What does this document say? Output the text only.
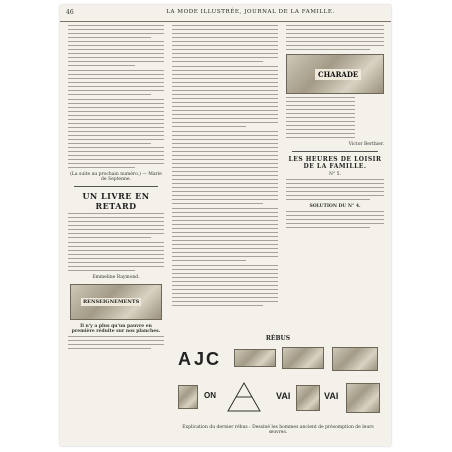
46	LA MODE ILLUSTRÉE, JOURNAL DE LA FAMILLE.
(La suite au prochain numéro.) — Marie de Septenne.
UN LIVRE EN RETARD
Emmeline Raymond.
RENSEIGNEMENTS
Il n'y a plus qu'un pauvre en première réduite sur nos planches.
CHARADE
Victor Berthier.
LES HEURES DE LOISIR DE LA FAMILLE.
N° 5.
SOLUTION DU N° 4.
RÉBUS
A J C
ON	VAI	VAI
Explication du dernier rébus : Dessiné les hommes ancient de présomption de leurs œuvres.
